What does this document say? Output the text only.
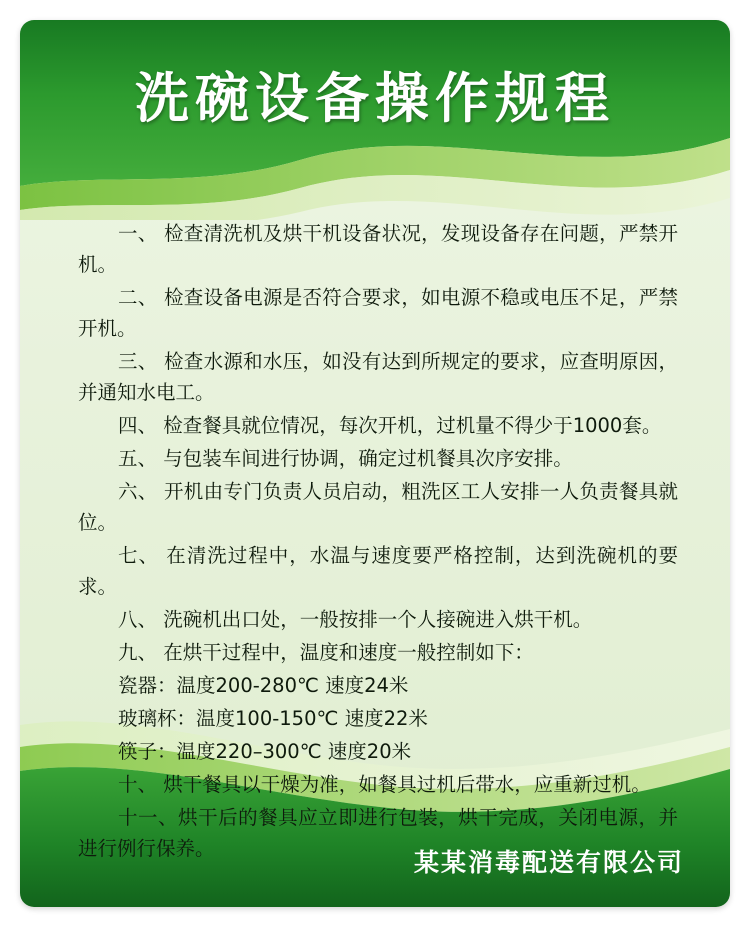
洗碗设备操作规程

一、 检查清洗机及烘干机设备状况，发现设备存在问题，严禁开机。

二、 检查设备电源是否符合要求，如电源不稳或电压不足，严禁开机。

三、 检查水源和水压，如没有达到所规定的要求，应查明原因，并通知水电工。

四、 检查餐具就位情况，每次开机，过机量不得少于1000套。

五、 与包装车间进行协调，确定过机餐具次序安排。

六、 开机由专门负责人员启动，粗洗区工人安排一人负责餐具就位。

七、 在清洗过程中，水温与速度要严格控制，达到洗碗机的要求。

八、 洗碗机出口处，一般按排一个人接碗进入烘干机。

九、 在烘干过程中，温度和速度一般控制如下：

瓷器：温度200-280℃ 速度24米

玻璃杯：温度100-150℃ 速度22米

筷子：温度220–300℃ 速度20米

十、 烘干餐具以干燥为准，如餐具过机后带水，应重新过机。

十一、烘干后的餐具应立即进行包装，烘干完成，关闭电源，并进行例行保养。	某某消毒配送有限公司
